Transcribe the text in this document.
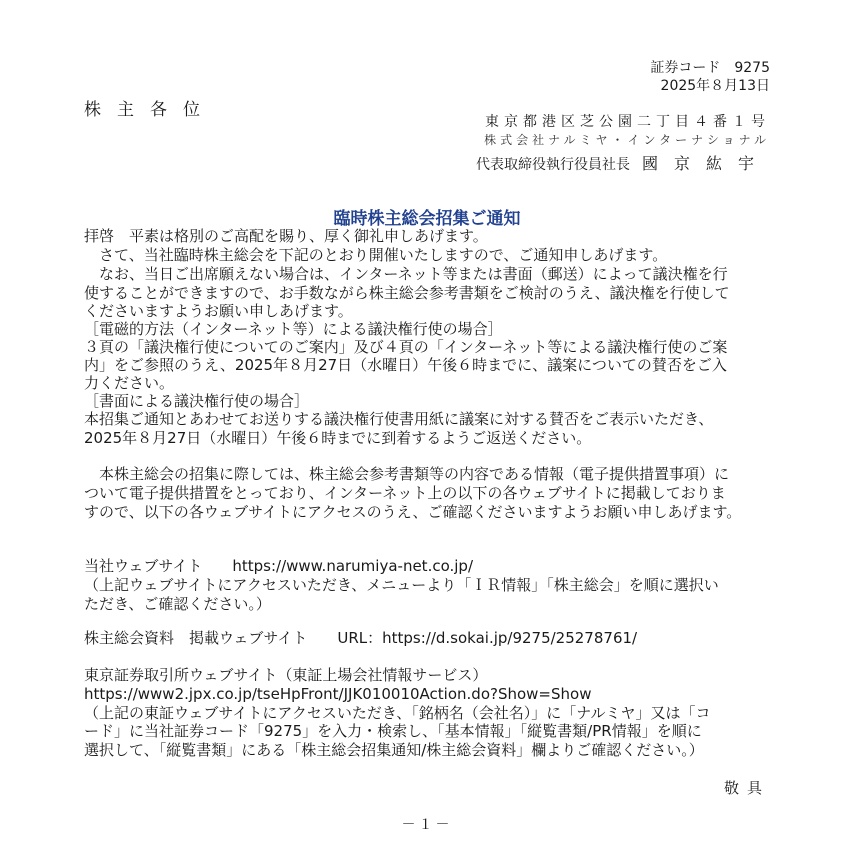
証券コード　9275
2025年８月13日
株主各位
東京都港区芝公園二丁目４番１号
株式会社ナルミヤ・インターナショナル
代表取締役執行役員社長 國京紘宇
臨時株主総会招集ご通知
拝啓　平素は格別のご高配を賜り、厚く御礼申しあげます。
　さて、当社臨時株主総会を下記のとおり開催いたしますので、ご通知申しあげます。
　なお、当日ご出席願えない場合は、インターネット等または書面（郵送）によって議決権を行
使することができますので、お手数ながら株主総会参考書類をご検討のうえ、議決権を行使して
くださいますようお願い申しあげます。
［電磁的方法（インターネット等）による議決権行使の場合］
３頁の「議決権行使についてのご案内」及び４頁の「インターネット等による議決権行使のご案
内」をご参照のうえ、2025年８月27日（水曜日）午後６時までに、議案についての賛否をご入
力ください。
［書面による議決権行使の場合］
本招集ご通知とあわせてお送りする議決権行使書用紙に議案に対する賛否をご表示いただき、
2025年８月27日（水曜日）午後６時までに到着するようご返送ください。
　本株主総会の招集に際しては、株主総会参考書類等の内容である情報（電子提供措置事項）に
ついて電子提供措置をとっており、インターネット上の以下の各ウェブサイトに掲載しておりま
すので、以下の各ウェブサイトにアクセスのうえ、ご確認くださいますようお願い申しあげます。
当社ウェブサイト　　https://www.narumiya-net.co.jp/
（上記ウェブサイトにアクセスいただき、メニューより「ＩＲ情報」「株主総会」を順に選択い
ただき、ご確認ください。）
株主総会資料　掲載ウェブサイト　　URL：https://d.sokai.jp/9275/25278761/
東京証券取引所ウェブサイト（東証上場会社情報サービス）
https://www2.jpx.co.jp/tseHpFront/JJK010010Action.do?Show=Show
（上記の東証ウェブサイトにアクセスいただき、「銘柄名（会社名）」に「ナルミヤ」又は「コ
ード」に当社証券コード「9275」を入力・検索し、「基本情報」「縦覧書類/PR情報」を順に
選択して、「縦覧書類」にある「株主総会招集通知/株主総会資料」欄よりご確認ください。）
敬具
－１－
